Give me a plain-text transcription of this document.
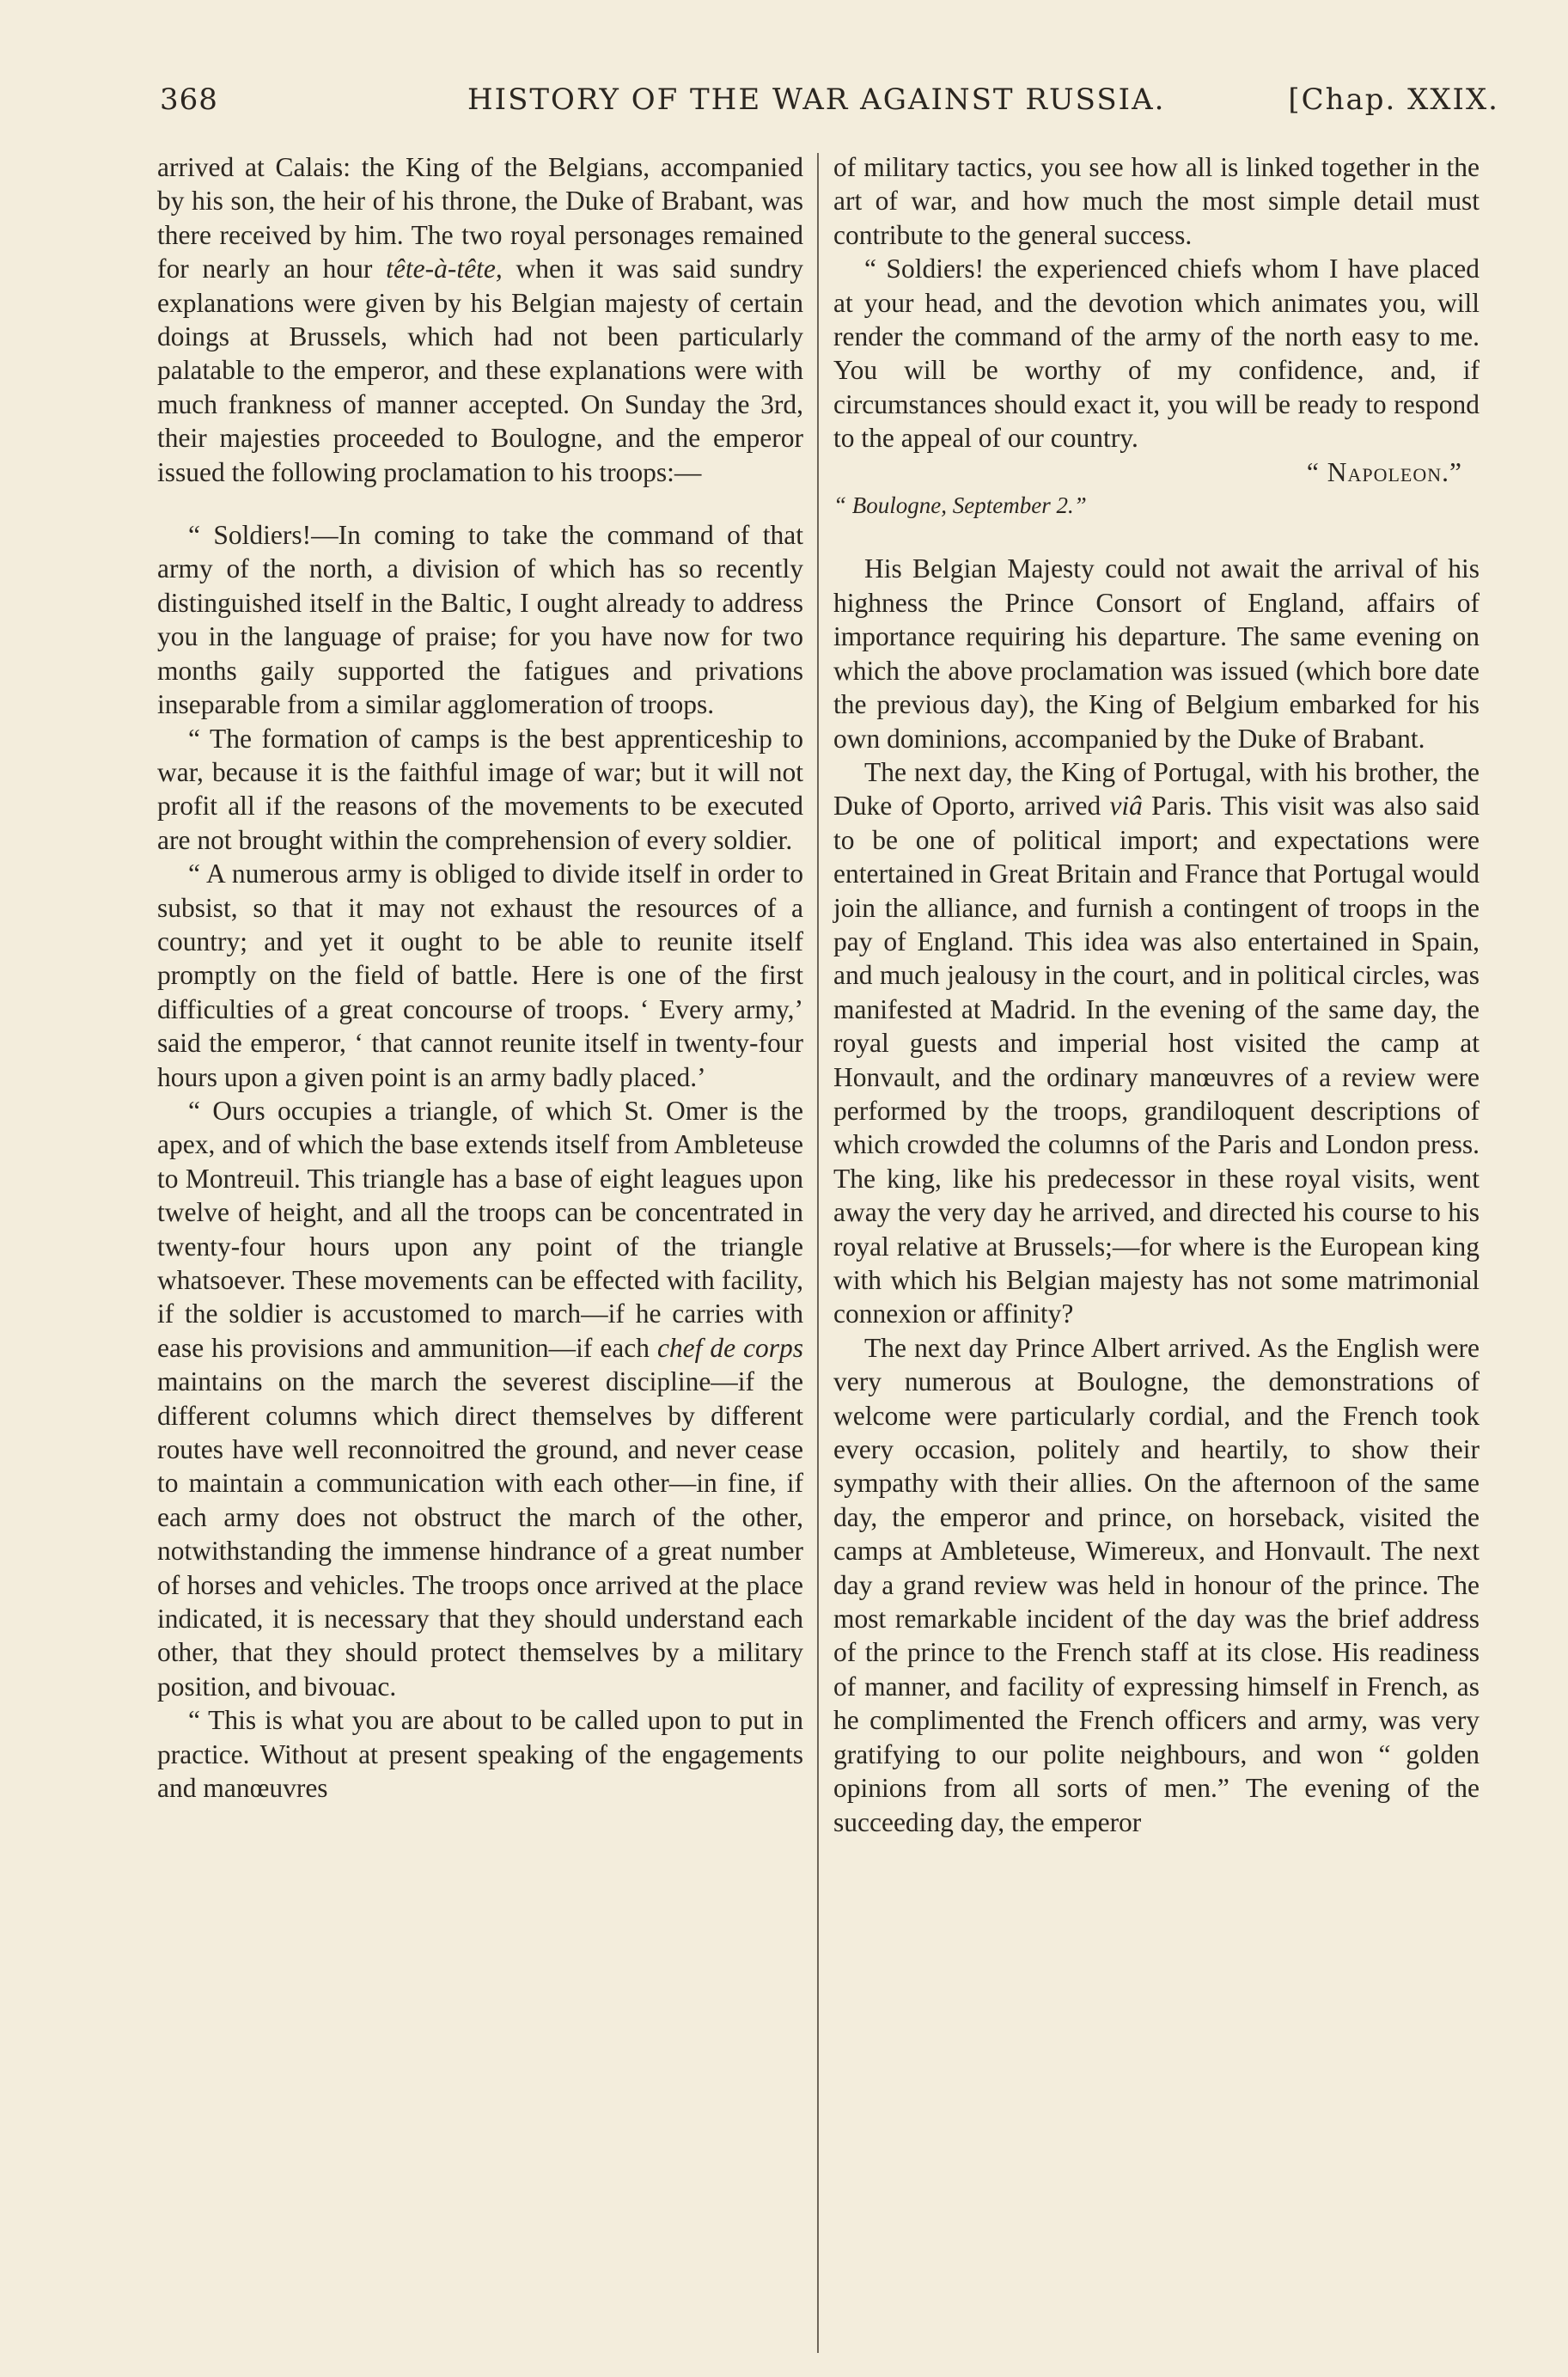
368	HISTORY OF THE WAR AGAINST RUSSIA.	[Chap. XXIX.

arrived at Calais: the King of the Belgians, accompanied by his son, the heir of his throne, the Duke of Brabant, was there received by him. The two royal personages remained for nearly an hour tête-à-tête, when it was said sundry explanations were given by his Belgian majesty of certain doings at Brussels, which had not been particularly palatable to the emperor, and these explanations were with much frankness of manner accepted. On Sunday the 3rd, their majesties proceeded to Boulogne, and the emperor issued the following proclamation to his troops:—

“ Soldiers!—In coming to take the command of that army of the north, a division of which has so recently distinguished itself in the Baltic, I ought already to address you in the language of praise; for you have now for two months gaily supported the fatigues and privations inseparable from a similar agglomeration of troops.

“ The formation of camps is the best apprenticeship to war, because it is the faithful image of war; but it will not profit all if the reasons of the movements to be executed are not brought within the comprehension of every soldier.

“ A numerous army is obliged to divide itself in order to subsist, so that it may not exhaust the resources of a country; and yet it ought to be able to reunite itself promptly on the field of battle. Here is one of the first difficulties of a great concourse of troops. ‘ Every army,’ said the emperor, ‘ that cannot reunite itself in twenty-four hours upon a given point is an army badly placed.’

“ Ours occupies a triangle, of which St. Omer is the apex, and of which the base extends itself from Ambleteuse to Montreuil. This triangle has a base of eight leagues upon twelve of height, and all the troops can be concentrated in twenty-four hours upon any point of the triangle whatsoever. These movements can be effected with facility, if the soldier is accustomed to march—if he carries with ease his provisions and ammunition—if each chef de corps maintains on the march the severest discipline—if the different columns which direct themselves by different routes have well reconnoitred the ground, and never cease to maintain a communication with each other—in fine, if each army does not obstruct the march of the other, notwithstanding the immense hindrance of a great number of horses and vehicles. The troops once arrived at the place indicated, it is necessary that they should understand each other, that they should protect themselves by a military position, and bivouac.

“ This is what you are about to be called upon to put in practice. Without at present speaking of the engagements and manœuvres

of military tactics, you see how all is linked together in the art of war, and how much the most simple detail must contribute to the general success.

“ Soldiers! the experienced chiefs whom I have placed at your head, and the devotion which animates you, will render the command of the army of the north easy to me. You will be worthy of my confidence, and, if circumstances should exact it, you will be ready to respond to the appeal of our country.

“ Napoleon.”

“ Boulogne, September 2.”

His Belgian Majesty could not await the arrival of his highness the Prince Consort of England, affairs of importance requiring his departure. The same evening on which the above proclamation was issued (which bore date the previous day), the King of Belgium embarked for his own dominions, accompanied by the Duke of Brabant.

The next day, the King of Portugal, with his brother, the Duke of Oporto, arrived viâ Paris. This visit was also said to be one of political import; and expectations were entertained in Great Britain and France that Portugal would join the alliance, and furnish a contingent of troops in the pay of England. This idea was also entertained in Spain, and much jealousy in the court, and in political circles, was manifested at Madrid. In the evening of the same day, the royal guests and imperial host visited the camp at Honvault, and the ordinary manœuvres of a review were performed by the troops, grandiloquent descriptions of which crowded the columns of the Paris and London press. The king, like his predecessor in these royal visits, went away the very day he arrived, and directed his course to his royal relative at Brussels;—for where is the European king with which his Belgian majesty has not some matrimonial connexion or affinity?

The next day Prince Albert arrived. As the English were very numerous at Boulogne, the demonstrations of welcome were particularly cordial, and the French took every occasion, politely and heartily, to show their sympathy with their allies. On the afternoon of the same day, the emperor and prince, on horseback, visited the camps at Ambleteuse, Wimereux, and Honvault. The next day a grand review was held in honour of the prince. The most remarkable incident of the day was the brief address of the prince to the French staff at its close. His readiness of manner, and facility of expressing himself in French, as he complimented the French officers and army, was very gratifying to our polite neighbours, and won “ golden opinions from all sorts of men.” The evening of the succeeding day, the emperor
